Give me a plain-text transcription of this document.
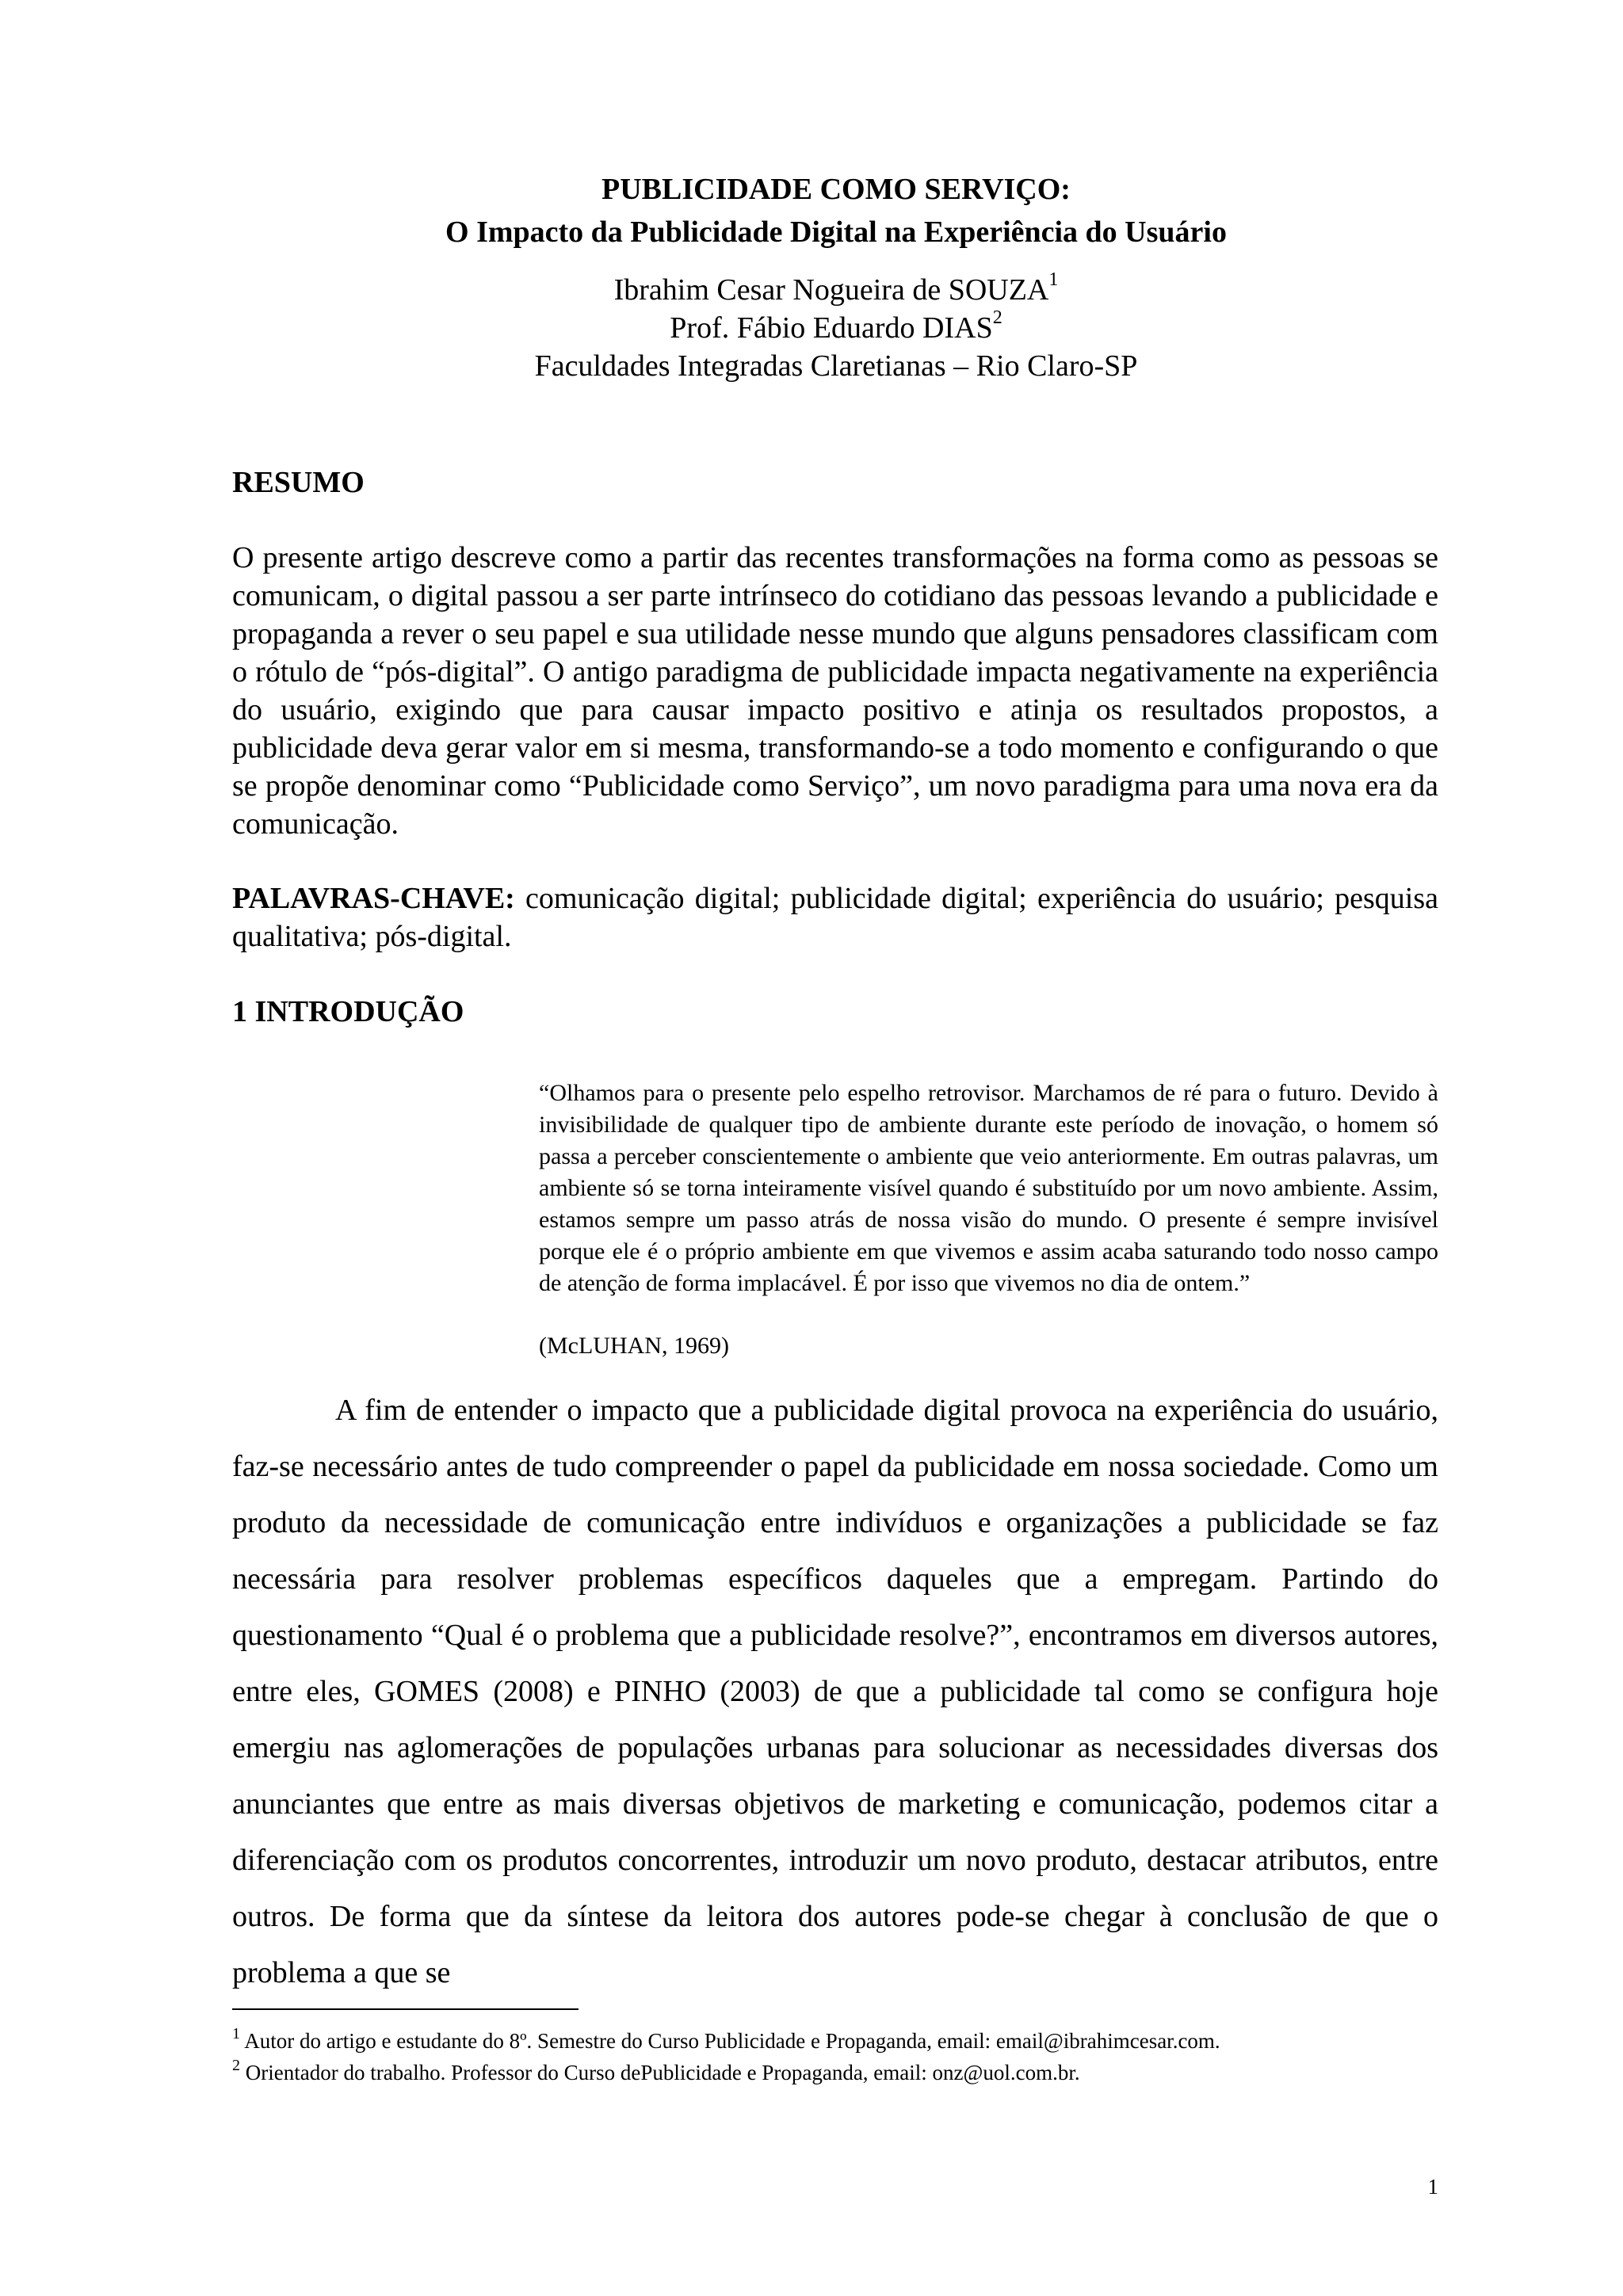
PUBLICIDADE COMO SERVIÇO:
O Impacto da Publicidade Digital na Experiência do Usuário
Ibrahim Cesar Nogueira de SOUZA$^1$
Prof. Fábio Eduardo DIAS$^2$
Faculdades Integradas Claretianas – Rio Claro-SP
RESUMO

O presente artigo descreve como a partir das recentes transformações na forma como as pessoas se comunicam, o digital passou a ser parte intrínseco do cotidiano das pessoas levando a publicidade e propaganda a rever o seu papel e sua utilidade nesse mundo que alguns pensadores classificam com o rótulo de “pós-digital”. O antigo paradigma de publicidade impacta negativamente na experiência do usuário, exigindo que para causar impacto positivo e atinja os resultados propostos, a publicidade deva gerar valor em si mesma, transformando-se a todo momento e configurando o que se propõe denominar como “Publicidade como Serviço”, um novo paradigma para uma nova era da comunicação.

PALAVRAS-CHAVE: comunicação digital; publicidade digital; experiência do usuário; pesquisa qualitativa; pós-digital.

1 INTRODUÇÃO

“Olhamos para o presente pelo espelho retrovisor. Marchamos de ré para o futuro. Devido à invisibilidade de qualquer tipo de ambiente durante este período de inovação, o homem só passa a perceber conscientemente o ambiente que veio anteriormente. Em outras palavras, um ambiente só se torna inteiramente visível quando é substituído por um novo ambiente. Assim, estamos sempre um passo atrás de nossa visão do mundo. O presente é sempre invisível porque ele é o próprio ambiente em que vivemos e assim acaba saturando todo nosso campo de atenção de forma implacável. É por isso que vivemos no dia de ontem.”

(McLUHAN, 1969)

A fim de entender o impacto que a publicidade digital provoca na experiência do usuário, faz-se necessário antes de tudo compreender o papel da publicidade em nossa sociedade. Como um produto da necessidade de comunicação entre indivíduos e organizações a publicidade se faz necessária para resolver problemas específicos daqueles que a empregam. Partindo do questionamento “Qual é o problema que a publicidade resolve?”, encontramos em diversos autores, entre eles, GOMES (2008) e PINHO (2003) de que a publicidade tal como se configura hoje emergiu nas aglomerações de populações urbanas para solucionar as necessidades diversas dos anunciantes que entre as mais diversas objetivos de marketing e comunicação, podemos citar a diferenciação com os produtos concorrentes, introduzir um novo produto, destacar atributos, entre outros. De forma que da síntese da leitora dos autores pode-se chegar à conclusão de que o problema a que se

$^1$ Autor do artigo e estudante do 8º. Semestre do Curso Publicidade e Propaganda, email: email@ibrahimcesar.com.
$^2$ Orientador do trabalho. Professor do Curso dePublicidade e Propaganda, email: onz@uol.com.br.
1
